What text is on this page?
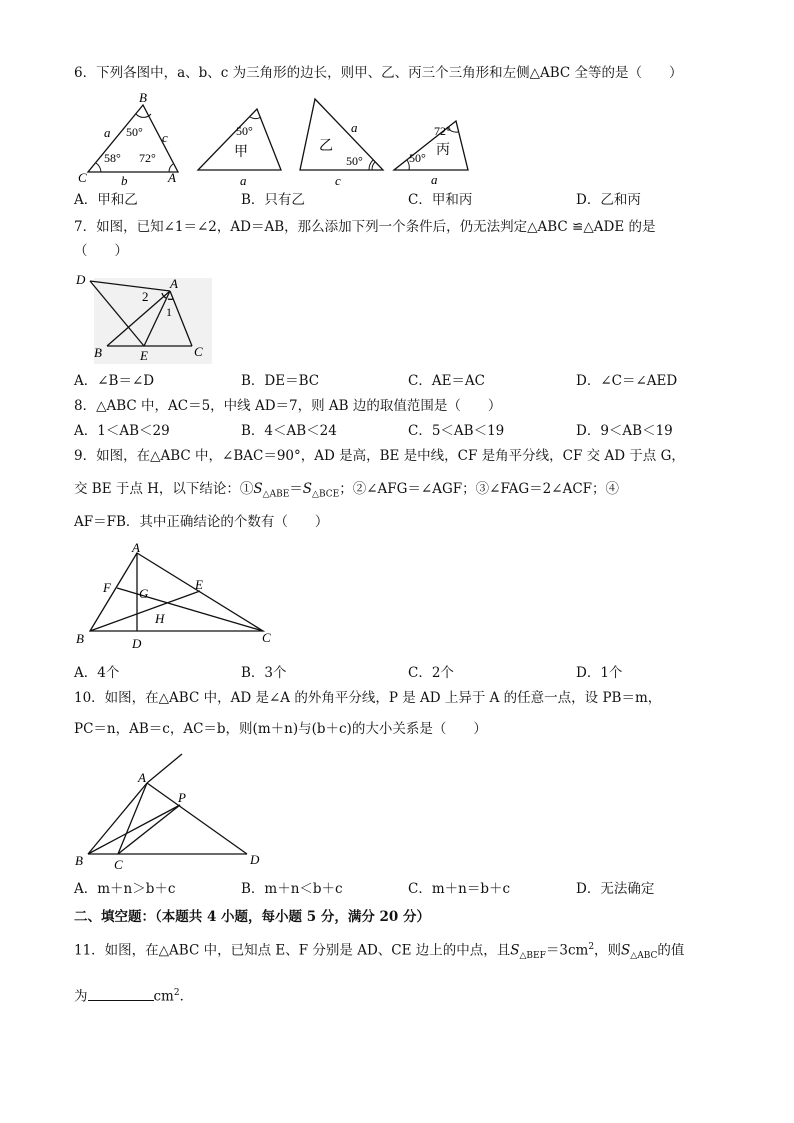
6．下列各图中，a、b、c 为三角形的边长，则甲、乙、丙三个三角形和左侧△ABC 全等的是（　　）
B
C	A
a	c
b
50°
58° 72°
50°
甲
a
乙
a
50°
c
72°
50° 丙
a
A．甲和乙	B．只有乙	C．甲和丙	D．乙和丙
7．如图，已知∠1＝∠2，AD＝AB，那么添加下列一个条件后，仍无法判定△ABC ≌△ADE 的是
（　　）
D	A
2
1
B	E	C
A．∠B＝∠D	B．DE＝BC	C．AE＝AC	D．∠C＝∠AED
8．△ABC 中，AC＝5，中线 AD＝7，则 AB 边的取值范围是（　　）
A．1＜AB＜29	B．4＜AB＜24	C．5＜AB＜19	D．9＜AB＜19
9．如图，在△ABC 中，∠BAC＝90°，AD 是高，BE 是中线，CF 是角平分线，CF 交 AD 于点 G，
交 BE 于点 H，以下结论：$①S_{\triangle ABE}=S_{\triangle BCE}$；②∠AFG＝∠AGF；③∠FAG＝2∠ACF；④
AF＝FB．其中正确结论的个数有（　　）
A
F G
E
H
B	D	C
A．4个	B．3个	C．2个	D．1个
10．如图，在△ABC 中，AD 是∠A 的外角平分线，P 是 AD 上异于 A 的任意一点，设 PB＝m，
PC＝n，AB＝c，AC＝b，则(m＋n)与(b＋c)的大小关系是（　　）
A
P
B C	D
A．m＋n＞b＋c	B．m＋n＜b＋c	C．m＋n＝b＋c	D．无法确定
二、填空题：（本题共 4 小题，每小题 5 分，满分 20 分）
11．如图，在△ABC 中，已知点 E、F 分别是 AD、CE 边上的中点，且$S_{\triangle BEF}=3cm^2$，则$S_{\triangle ABC}$的值
为	$cm^2$．
